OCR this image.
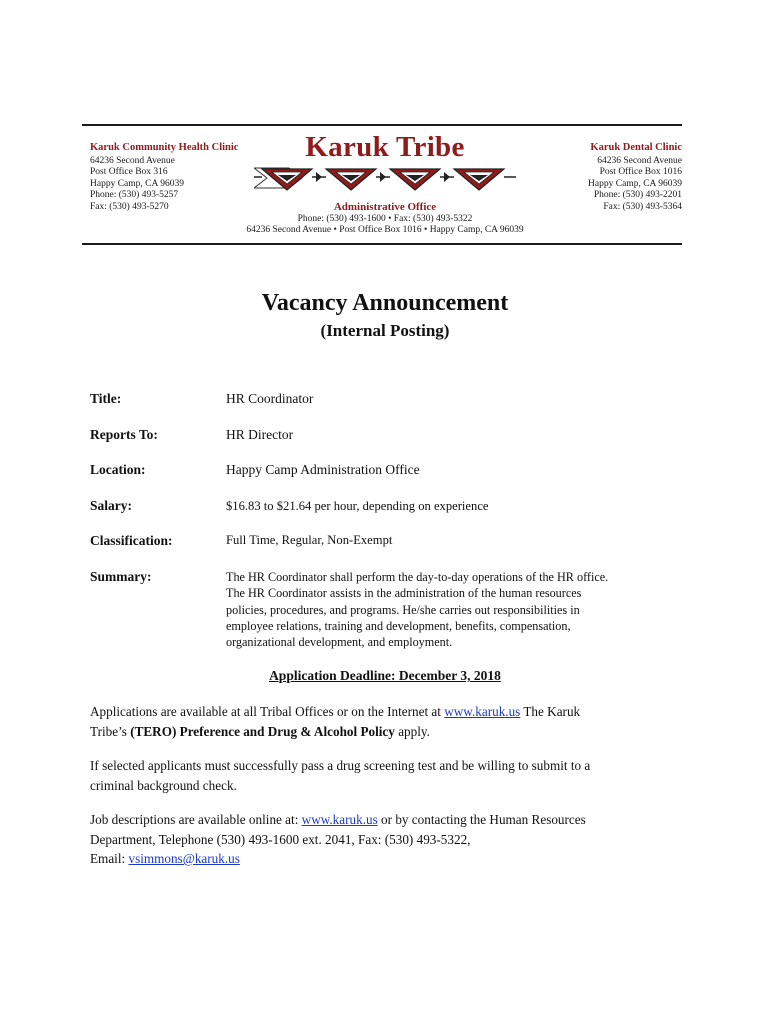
Karuk Community Health Clinic
64236 Second Avenue
Post Office Box 316
Happy Camp, CA 96039
Phone: (530) 493-5257
Fax: (530) 493-5270
Karuk Tribe
Administrative Office
Phone: (530) 493-1600 • Fax: (530) 493-5322
64236 Second Avenue • Post Office Box 1016 • Happy Camp, CA 96039
Karuk Dental Clinic
64236 Second Avenue
Post Office Box 1016
Happy Camp, CA 96039
Phone: (530) 493-2201
Fax: (530) 493-5364
Vacancy Announcement
(Internal Posting)
Title:	HR Coordinator
Reports To:	HR Director
Location:	Happy Camp Administration Office
Salary:	$16.83 to $21.64 per hour, depending on experience
Classification:	Full Time, Regular, Non-Exempt
Summary:	The HR Coordinator shall perform the day-to-day operations of the HR office.
The HR Coordinator assists in the administration of the human resources
policies, procedures, and programs. He/she carries out responsibilities in
employee relations, training and development, benefits, compensation,
organizational development, and employment.
Application Deadline: December 3, 2018
Applications are available at all Tribal Offices or on the Internet at www.karuk.us The Karuk
Tribe’s (TERO) Preference and Drug & Alcohol Policy apply.
If selected applicants must successfully pass a drug screening test and be willing to submit to a
criminal background check.
Job descriptions are available online at: www.karuk.us or by contacting the Human Resources
Department, Telephone (530) 493-1600 ext. 2041, Fax: (530) 493-5322,
Email: vsimmons@karuk.us
